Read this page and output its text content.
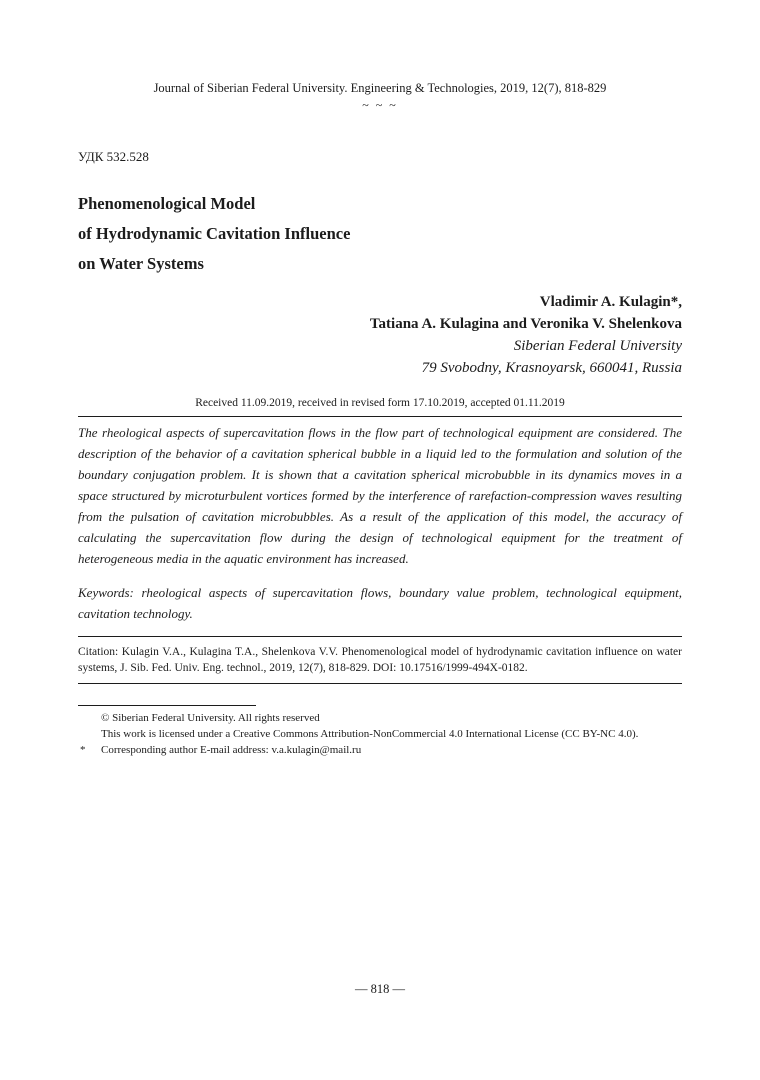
Journal of Siberian Federal University. Engineering & Technologies, 2019, 12(7), 818-829
~ ~ ~
УДК 532.528
Phenomenological Model
of Hydrodynamic Cavitation Influence
on Water Systems
Vladimir A. Kulagin*,
Tatiana A. Kulagina and Veronika V. Shelenkova
Siberian Federal University
79 Svobodny, Krasnoyarsk, 660041, Russia
Received 11.09.2019, received in revised form 17.10.2019, accepted 01.11.2019

The rheological aspects of supercavitation flows in the flow part of technological equipment are considered. The description of the behavior of a cavitation spherical bubble in a liquid led to the formulation and solution of the boundary conjugation problem. It is shown that a cavitation spherical microbubble in its dynamics moves in a space structured by microturbulent vortices formed by the interference of rarefaction-compression waves resulting from the pulsation of cavitation microbubbles. As a result of the application of this model, the accuracy of calculating the supercavitation flow during the design of technological equipment for the treatment of heterogeneous media in the aquatic environment has increased.

Keywords: rheological aspects of supercavitation flows, boundary value problem, technological equipment, cavitation technology.

Citation: Kulagin V.A., Kulagina T.A., Shelenkova V.V. Phenomenological model of hydrodynamic cavitation influence on water systems, J. Sib. Fed. Univ. Eng. technol., 2019, 12(7), 818-829. DOI: 10.17516/1999-494X-0182.

© Siberian Federal University. All rights reserved
This work is licensed under a Creative Commons Attribution-NonCommercial 4.0 International License (CC BY-NC 4.0).
* Corresponding author E-mail address: v.a.kulagin@mail.ru
— 818 —
